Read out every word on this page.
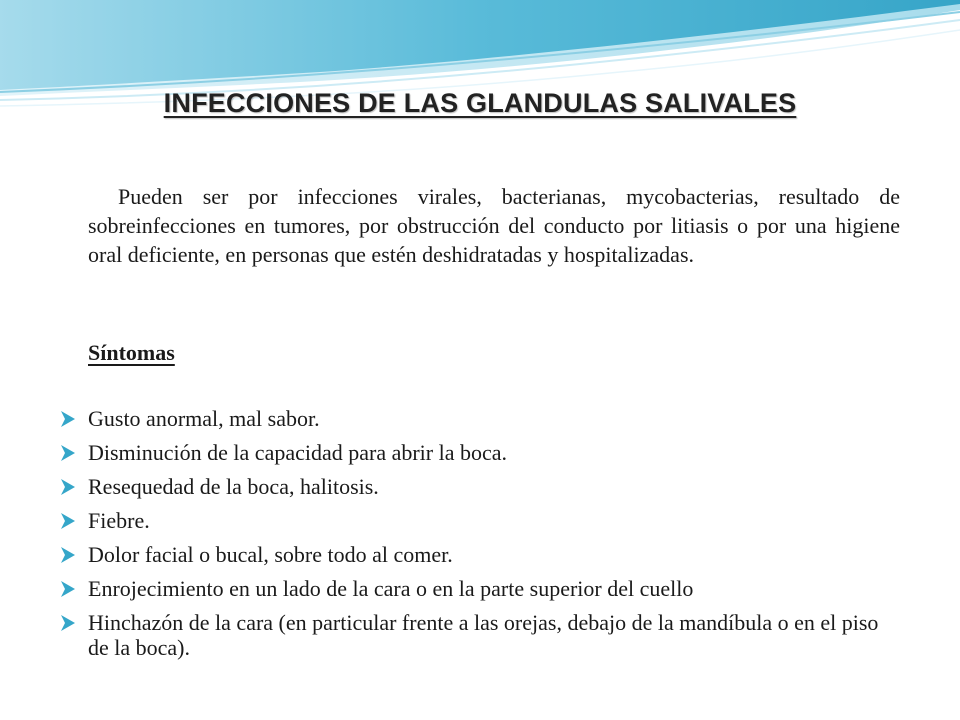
INFECCIONES DE LAS GLANDULAS SALIVALES
Pueden ser por infecciones virales, bacterianas, mycobacterias, resultado de sobreinfecciones en tumores, por obstrucción del conducto por litiasis o por una higiene oral deficiente, en personas que estén deshidratadas y hospitalizadas.
Síntomas
Gusto anormal, mal sabor.
Disminución de la capacidad para abrir la boca.
Resequedad de la boca, halitosis.
Fiebre.
Dolor facial o bucal, sobre todo al comer.
Enrojecimiento en un lado de la cara o en la parte superior del cuello
Hinchazón de la cara (en particular frente a las orejas, debajo de la mandíbula o en el piso de la boca).
